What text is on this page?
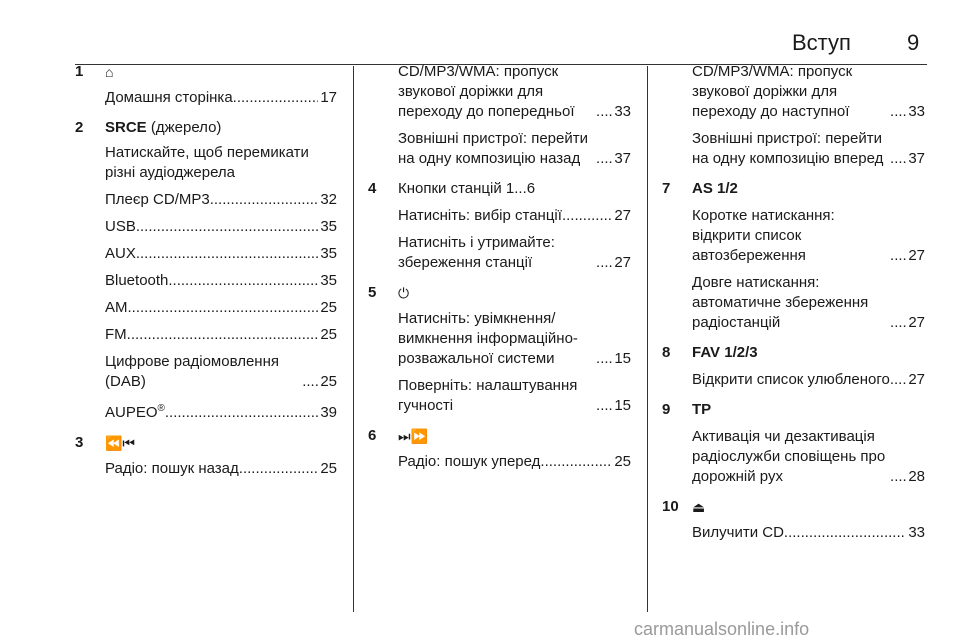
Вступ	9
1 ⌂
Домашня сторінка .....	17
2 SRCE (джерело)
Натискайте, щоб перемикати різні аудіоджерела
Плеєр CD/MP3 .....	32
USB .....	35
AUX .....	35
Bluetooth .....	35
AM .....	25
FM .....	25
Цифрове радіомовлення (DAB) .....	25
AUPEO® .....	39
3 ⏪⏮
Радіо: пошук назад .....	25
CD/MP3/WMA: пропуск звукової доріжки для переходу до попередньої .....	33
Зовнішні пристрої: перейти на одну композицію назад .....	37
4 Кнопки станцій 1...6
Натисніть: вибір станції .....	27
Натисніть і утримайте: збереження станції .....	27
5 ⏻
Натисніть: увімкнення/ вимкнення інформаційно-розважальної системи .....	15
Поверніть: налаштування гучності .....	15
6 ⏭⏩
Радіо: пошук уперед .....	25
CD/MP3/WMA: пропуск звукової доріжки для переходу до наступної .....	33
Зовнішні пристрої: перейти на одну композицію вперед .....	37
7 AS 1/2
Коротке натискання: відкрити список автозбереження .....	27
Довге натискання: автоматичне збереження радіостанцій .....	27
8 FAV 1/2/3
Відкрити список улюбленого ..... 27
9 TP
Активація чи дезактивація радіослужби сповіщень про дорожній рух .....	28
10 ⏏
Вилучити CD .....	33
carmanualsonline.info
